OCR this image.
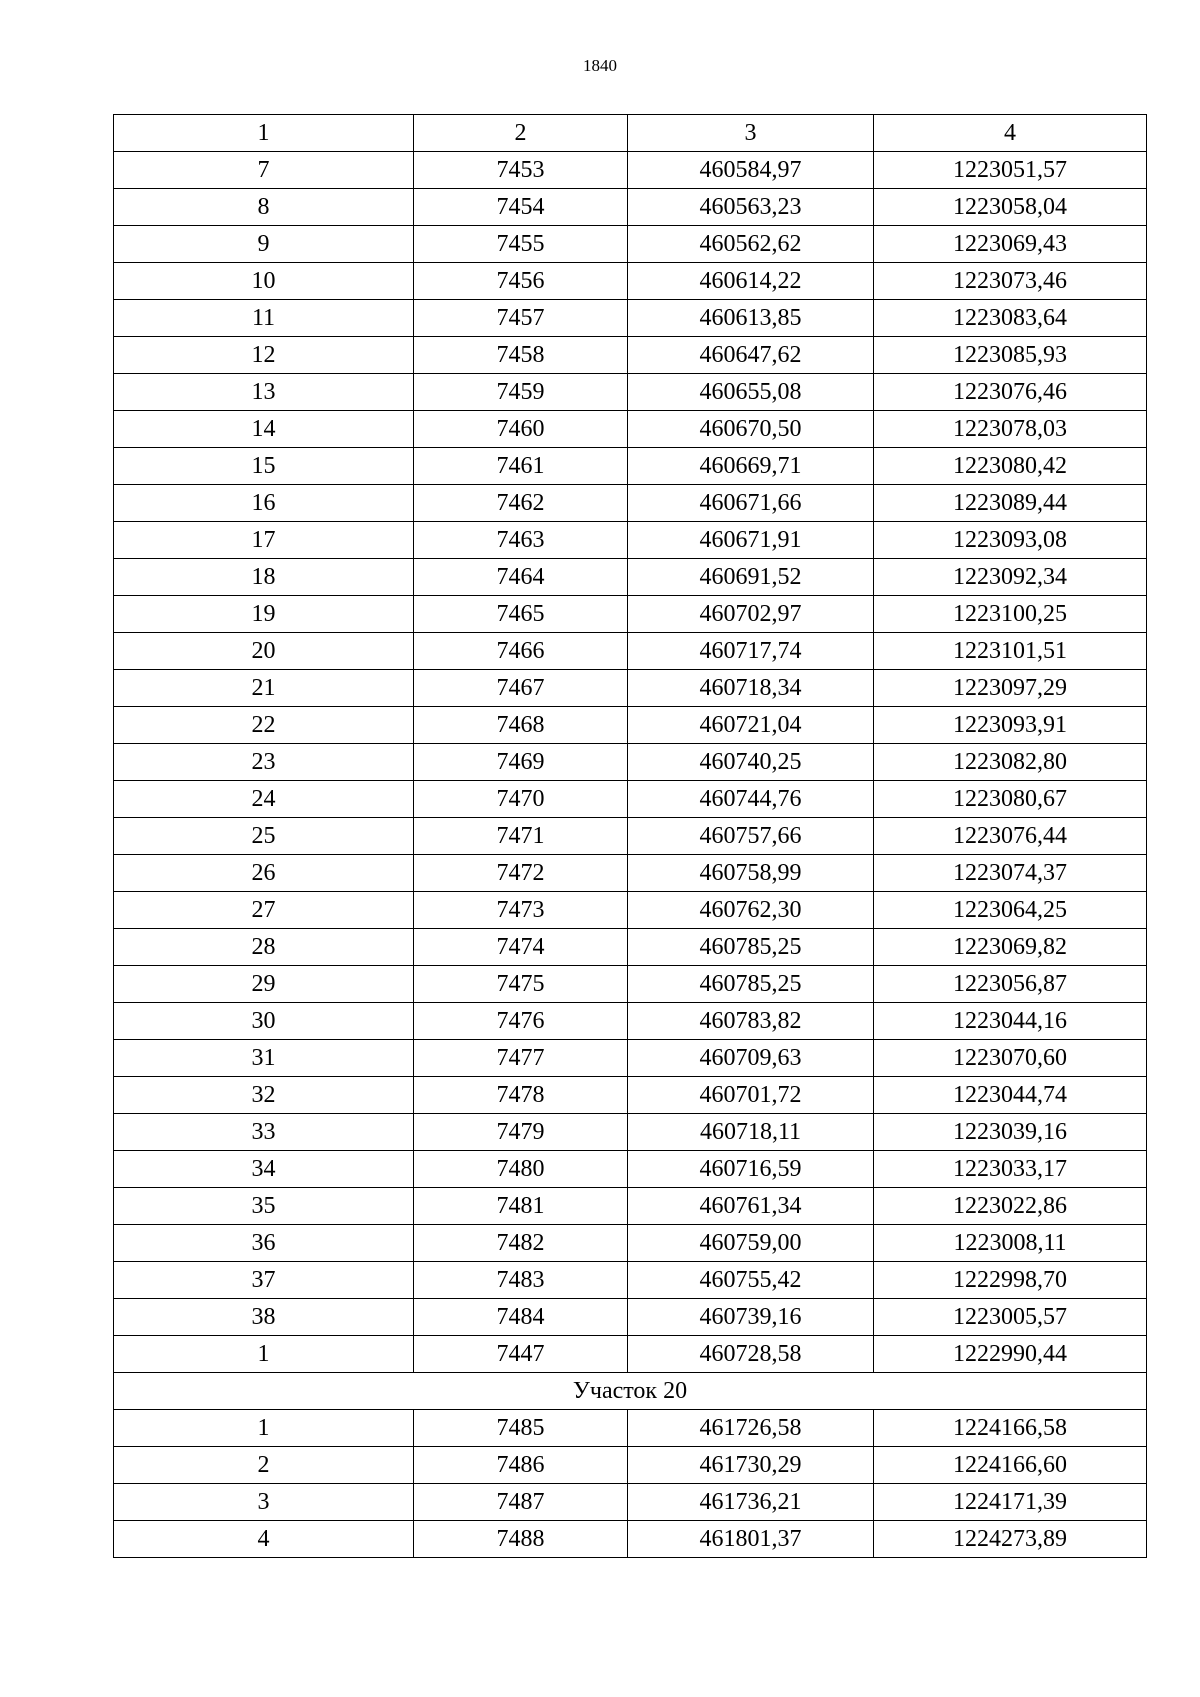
1840
1	2	3	4
7	7453	460584,97	1223051,57
8	7454	460563,23	1223058,04
9	7455	460562,62	1223069,43
10	7456	460614,22	1223073,46
11	7457	460613,85	1223083,64
12	7458	460647,62	1223085,93
13	7459	460655,08	1223076,46
14	7460	460670,50	1223078,03
15	7461	460669,71	1223080,42
16	7462	460671,66	1223089,44
17	7463	460671,91	1223093,08
18	7464	460691,52	1223092,34
19	7465	460702,97	1223100,25
20	7466	460717,74	1223101,51
21	7467	460718,34	1223097,29
22	7468	460721,04	1223093,91
23	7469	460740,25	1223082,80
24	7470	460744,76	1223080,67
25	7471	460757,66	1223076,44
26	7472	460758,99	1223074,37
27	7473	460762,30	1223064,25
28	7474	460785,25	1223069,82
29	7475	460785,25	1223056,87
30	7476	460783,82	1223044,16
31	7477	460709,63	1223070,60
32	7478	460701,72	1223044,74
33	7479	460718,11	1223039,16
34	7480	460716,59	1223033,17
35	7481	460761,34	1223022,86
36	7482	460759,00	1223008,11
37	7483	460755,42	1222998,70
38	7484	460739,16	1223005,57
1	7447	460728,58	1222990,44
Участок 20			
1	7485	461726,58	1224166,58
2	7486	461730,29	1224166,60
3	7487	461736,21	1224171,39
4	7488	461801,37	1224273,89
